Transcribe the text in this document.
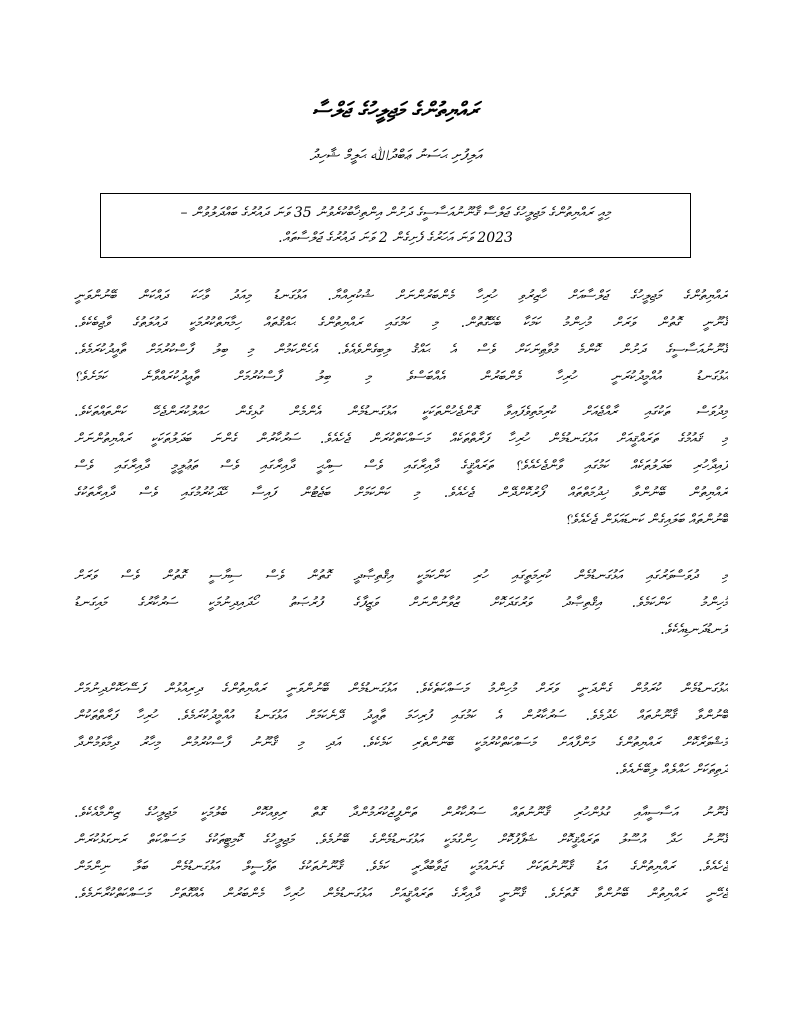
ރައްޔިތުންގެ މަޖިލީހުގެ ޖަލްސާ
އަލިފުށި ޙަސަނު ޢަބްދުﷲ ޙަލީމް ޝާހިދު
މިއީ ރައްޔިތުންގެ މަޖިލީހުގެ ޖަލްސާ ޤާނޫނުއަސާސީގެ ދަށުން އިންތިޚާބުކުރެވުނު 35 ވަނަ ދައުރުގެ ބައްދަލުވުން –
2023 ވަނަ އަހަރުގެ ފެށިގެން 2 ވަނަ ދައުރުގެ ޖަލްސާތައް.
ރައްޔިތުންގެ މަޖިލީހުގެ ޖަލްސާއަށް ހާޒިރުވި ހުރިހާ މެންބަރުންނަށް ޝުކުރިއްޔާ. އަޅުގަނޑު މިއަދު ވާހަކަ ދައްކަން ބޭނުންވަނީ
ޤާނޫނީ ގޮތުން ވަރަށް މުހިންމު ކަމަކާ ބެހޭގޮތުން. މި ކަމުގައި ރައްޔިތުންގެ ޙައްޤުތައް ހިމާޔަތްކުރުމަކީ ދައުލަތުގެ ވާޖިބެކެވެ.
ޤާނޫނުއަސާސީގެ ދަށުން ކޮންމެ މުވާޠިނަކަށް ވެސް އެ ޙައްޤު ލިބިގެންވެއެވެ. އެހެންކަމުން މި ބިލު ފާސްކުރުމަށް ތާއީދުކުރަމެވެ.
އަޅުގަނޑު އުއްމީދުކުރަނީ ހުރިހާ މެންބަރުން އެއްބަސްވެ މި ބިލު ފާސްކުރުމަށް ތާއީދުކުރައްވާނެ ކަމަށެވެ؟
މިދުވަސް ތަކުގައި ރާއްޖެއަށް ކުރިމަތިވެފައިވާ ގޮންޖެހުންތަކަކީ އަޅުގަނޑުމެން އެންމެން ގުޅިގެން ހައްލުކުރަންޖެހޭ ކަންތައްތަކެވެ.
މި ޤައުމުގެ ތަރައްޤީއަށް އަޅުގަނޑުމެން ހުރިހާ ފަރާތްތަކެއް މަސައްކަތްކުރަން ޖެހެއެވެ. ސަރުކާރުން ގެންނަ ބަދަލުތަކަކީ ރައްޔިތުންނަށް
ފައިދާހުރި ބަދަލުތަކެއް ކަމުގައި ވާންޖެހެއެވެ؟ ތަރައްޤީގެ ދާއިރާގައި ވެސް ސިއްޙީ ދާއިރާގައި ވެސް ތަޢުލީމީ ދާއިރާގައި ވެސް
ރައްޔިތުން ބޭނުންވާ ޚިދުމަތްތައް ފޯރުކޮށްދޭން ޖެހެއެވެ. މި ކަންކަމަށް ބަޖެޓުން ފައިސާ ހޭދަކުރުމުގައި ވެސް ދާއިރާތަކުގެ
ބޭނުންތައް ބަލައިގެން ކަނޑައަޅަން ޖެހެއެވެ؟
މި ދުވަސްވަރުގައި އަޅުގަނޑުމެން ކުރިމަތީގައި ހުރި ކަންކަމަކީ އިޤްތިޞާދީ ގޮތުން ވެސް ސިޔާސީ ގޮތުން ވެސް ވަރަށް
މުހިންމު ކަންކަމެވެ. އިޤްތިޞާދު ވަރުގަދަކޮށް ޒުވާނުންނަށް ވަޒީފާގެ ފުރުޞަތު ހޯދައިދިނުމަކީ ސަރުކާރުގެ މައިގަނޑު
ލަނޑުދަނޑިއެކެވެ.
އަޅުގަނޑުމެން ކުރަމުން ގެންދަނީ ވަރަށް މުހިންމު މަސައްކަތެކެވެ. އަޅުގަނޑުމެން ބޭނުންވަނީ ރައްޔިތުންގެ ދިރިއުޅުން ފަސޭހަކޮށްދިނުމަށް
ބޭނުންވާ ޤާނޫނުތައް ހެދުމެވެ. ސަރުކާރުން އެ ކަމުގައި ފުރިހަމަ ތާއީދު ދޭނެކަމަށް އަޅުގަނޑު އުއްމީދުކުރަމެވެ. ހުރިހާ ފަރާތްތަކުން
މަޝްވަރާކޮށް ރައްޔިތުންގެ މަންފާއަށް މަސައްކަތްކުރުމަކީ ބޭނުންތެރި ކަމެކެވެ. އަދި މި ޤާނޫނު ފާސްކުރުމުން މިހާރު ދިމާވަމުންދާ
ދަތިތަކަށް ހައްލެއް ލިބޭނެއެވެ.
ޤާނޫނު އަސާސީއާއި ގުޅުންހުރި ޤާނޫނުތައް ސަރުކާރުން ތަންފީޒުކުރަމުންދާ ގޮތް ރިވިއުކޮށް ބެލުމަކީ މަޖިލީހުގެ ޒިންމާއެކެވެ.
ޤާނޫނު ހަދާ އުސޫލު ތަރައްޤީކޮށް ޝަފާފުކޮށް ހިންގުމަކީ އަޅުގަނޑުމެންގެ ބޭނުމެވެ. މަޖިލީހުގެ ކޮމިޓީތަކުގެ މަސައްކަތް ރަނގަޅުކުރަން
ޖެހެއެވެ. ރައްޔިތުންގެ އަޑު ޤާނޫނުތަކަށް ގެނައުމަކީ ޖަވާބުދާރީ ކަމެވެ. ޤާނޫނުތަކުގެ ތަފާސީލް އަޅުގަނޑުމެން ބަލާ ނިންމަން
ޖެހޭނީ ރައްޔިތުން ބޭނުންވާ ގޮތަށެވެ. ޤާނޫނީ ދާއިރާގެ ތަރައްޤީއަށް އަޅުގަނޑުމެން ހުރިހާ މެންބަރުން އެއްގޮތަށް މަސައްކަތްކުރާނަމެވެ.
